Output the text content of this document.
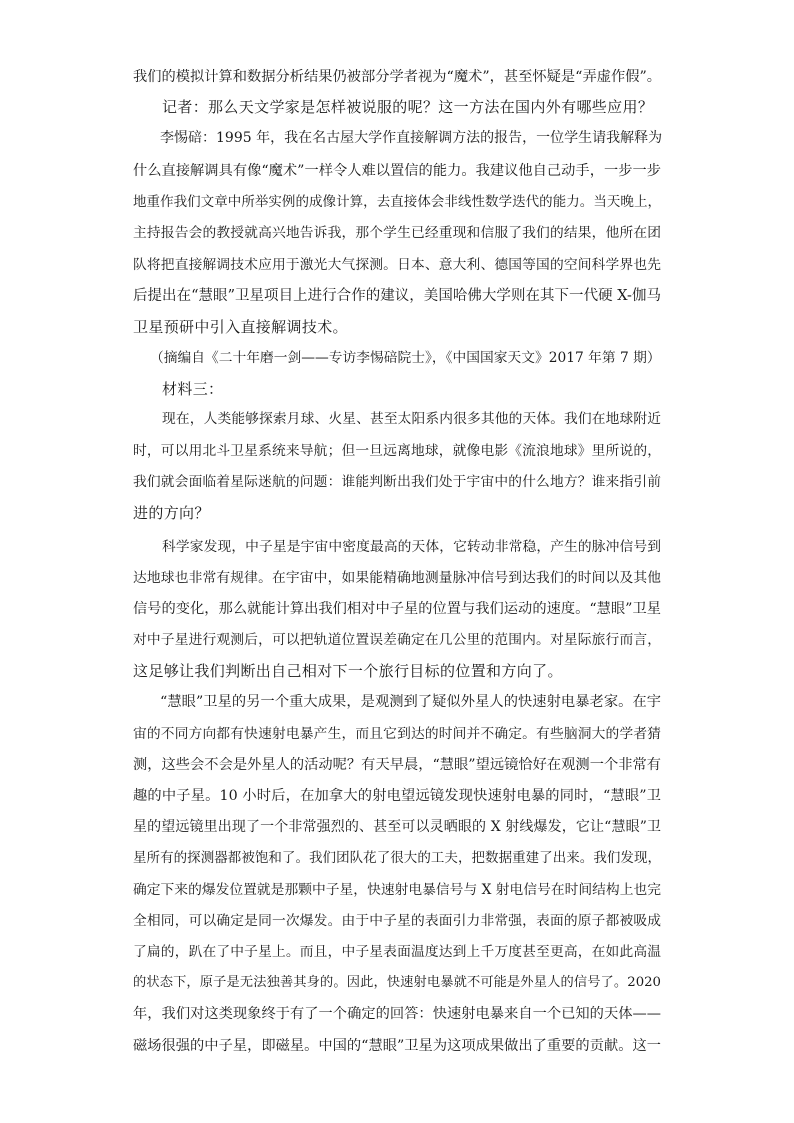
我们的模拟计算和数据分析结果仍被部分学者视为“魔术”，甚至怀疑是“弄虚作假”。
记者：那么天文学家是怎样被说服的呢？这一方法在国内外有哪些应用？
李惕碚：1995 年，我在名古屋大学作直接解调方法的报告，一位学生请我解释为
什么直接解调具有像“魔术”一样令人难以置信的能力。我建议他自己动手，一步一步
地重作我们文章中所举实例的成像计算，去直接体会非线性数学迭代的能力。当天晚上，
主持报告会的教授就高兴地告诉我，那个学生已经重现和信服了我们的结果，他所在团
队将把直接解调技术应用于激光大气探测。日本、意大利、德国等国的空间科学界也先
后提出在“慧眼”卫星项目上进行合作的建议，美国哈佛大学则在其下一代硬 X-伽马
卫星预研中引入直接解调技术。
（摘编自《二十年磨一剑——专访李惕碚院士》，《中国国家天文》2017 年第 7 期）
材料三：
现在，人类能够探索月球、火星、甚至太阳系内很多其他的天体。我们在地球附近
时，可以用北斗卫星系统来导航；但一旦远离地球，就像电影《流浪地球》里所说的，
我们就会面临着星际迷航的问题：谁能判断出我们处于宇宙中的什么地方？谁来指引前
进的方向？
科学家发现，中子星是宇宙中密度最高的天体，它转动非常稳，产生的脉冲信号到
达地球也非常有规律。在宇宙中，如果能精确地测量脉冲信号到达我们的时间以及其他
信号的变化，那么就能计算出我们相对中子星的位置与我们运动的速度。“慧眼”卫星
对中子星进行观测后，可以把轨道位置误差确定在几公里的范围内。对星际旅行而言，
这足够让我们判断出自己相对下一个旅行目标的位置和方向了。
“慧眼”卫星的另一个重大成果，是观测到了疑似外星人的快速射电暴老家。在宇
宙的不同方向都有快速射电暴产生，而且它到达的时间并不确定。有些脑洞大的学者猜
测，这些会不会是外星人的活动呢？有天早晨，“慧眼”望远镜恰好在观测一个非常有
趣的中子星。10 小时后，在加拿大的射电望远镜发现快速射电暴的同时，“慧眼”卫
星的望远镜里出现了一个非常强烈的、甚至可以灵晒眼的 X 射线爆发，它让“慧眼”卫
星所有的探测器都被饱和了。我们团队花了很大的工夫，把数据重建了出来。我们发现，
确定下来的爆发位置就是那颗中子星，快速射电暴信号与 X 射电信号在时间结构上也完
全相同，可以确定是同一次爆发。由于中子星的表面引力非常强，表面的原子都被吸成
了扁的，趴在了中子星上。而且，中子星表面温度达到上千万度甚至更高，在如此高温
的状态下，原子是无法独善其身的。因此，快速射电暴就不可能是外星人的信号了。2020
年，我们对这类现象终于有了一个确定的回答：快速射电暴来自一个已知的天体——
磁场很强的中子星，即磁星。中国的“慧眼”卫星为这项成果做出了重要的贡献。这一
